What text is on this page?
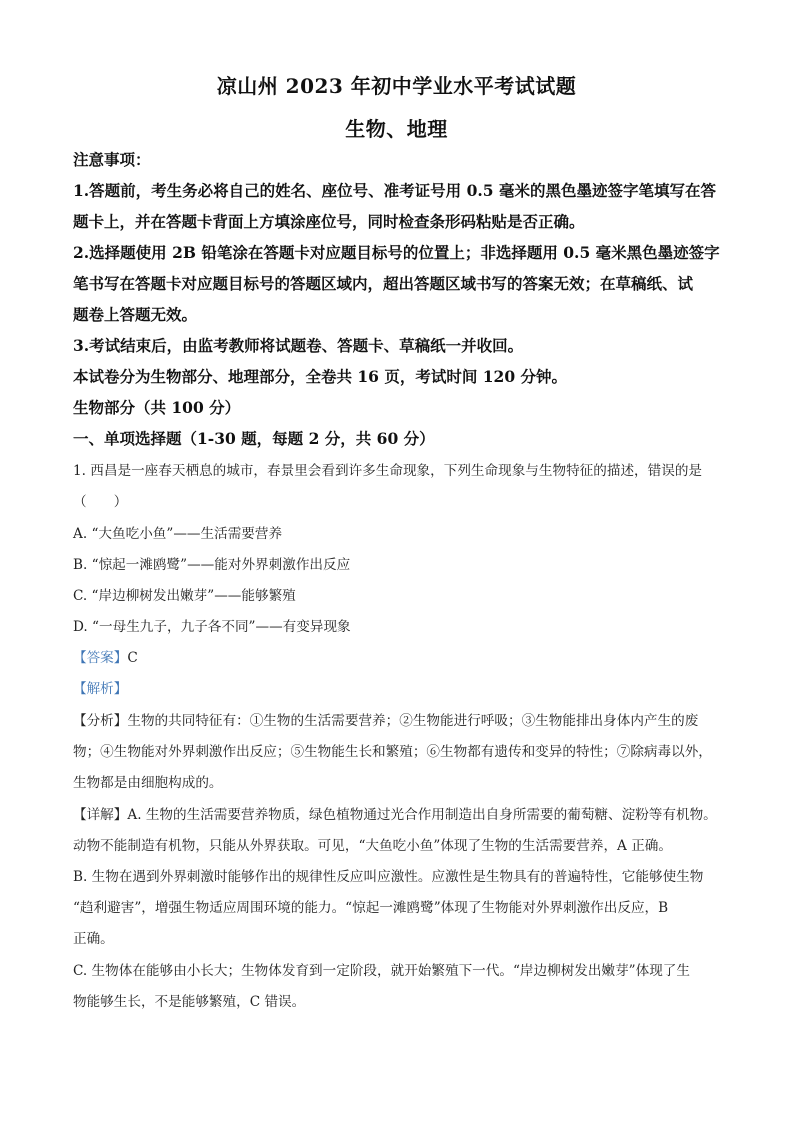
凉山州 2023 年初中学业水平考试试题
生物、地理
注意事项：
1.答题前，考生务必将自己的姓名、座位号、准考证号用 0.5 毫米的黑色墨迹签字笔填写在答
题卡上，并在答题卡背面上方填涂座位号，同时检查条形码粘贴是否正确。
2.选择题使用 2B 铅笔涂在答题卡对应题目标号的位置上；非选择题用 0.5 毫米黑色墨迹签字
笔书写在答题卡对应题目标号的答题区域内，超出答题区域书写的答案无效；在草稿纸、试
题卷上答题无效。
3.考试结束后，由监考教师将试题卷、答题卡、草稿纸一并收回。
本试卷分为生物部分、地理部分，全卷共 16 页，考试时间 120 分钟。
生物部分（共 100 分）
一、单项选择题（1-30 题，每题 2 分，共 60 分）
1. 西昌是一座春天栖息的城市，春景里会看到许多生命现象，下列生命现象与生物特征的描述，错误的是
（　　）
A. “大鱼吃小鱼”——生活需要营养
B. “惊起一滩鸥鹭”——能对外界刺激作出反应
C. “岸边柳树发出嫩芽”——能够繁殖
D. “一母生九子，九子各不同”——有变异现象
【答案】C
【解析】
【分析】生物的共同特征有：①生物的生活需要营养；②生物能进行呼吸；③生物能排出身体内产生的废
物；④生物能对外界刺激作出反应；⑤生物能生长和繁殖；⑥生物都有遗传和变异的特性；⑦除病毒以外，
生物都是由细胞构成的。
【详解】A. 生物的生活需要营养物质，绿色植物通过光合作用制造出自身所需要的葡萄糖、淀粉等有机物。
动物不能制造有机物，只能从外界获取。可见，“大鱼吃小鱼”体现了生物的生活需要营养，A 正确。
B. 生物在遇到外界刺激时能够作出的规律性反应叫应激性。应激性是生物具有的普遍特性，它能够使生物
“趋利避害”，增强生物适应周围环境的能力。“惊起一滩鸥鹭”体现了生物能对外界刺激作出反应，B
正确。
C. 生物体在能够由小长大；生物体发育到一定阶段，就开始繁殖下一代。“岸边柳树发出嫩芽”体现了生
物能够生长，不是能够繁殖，C 错误。
